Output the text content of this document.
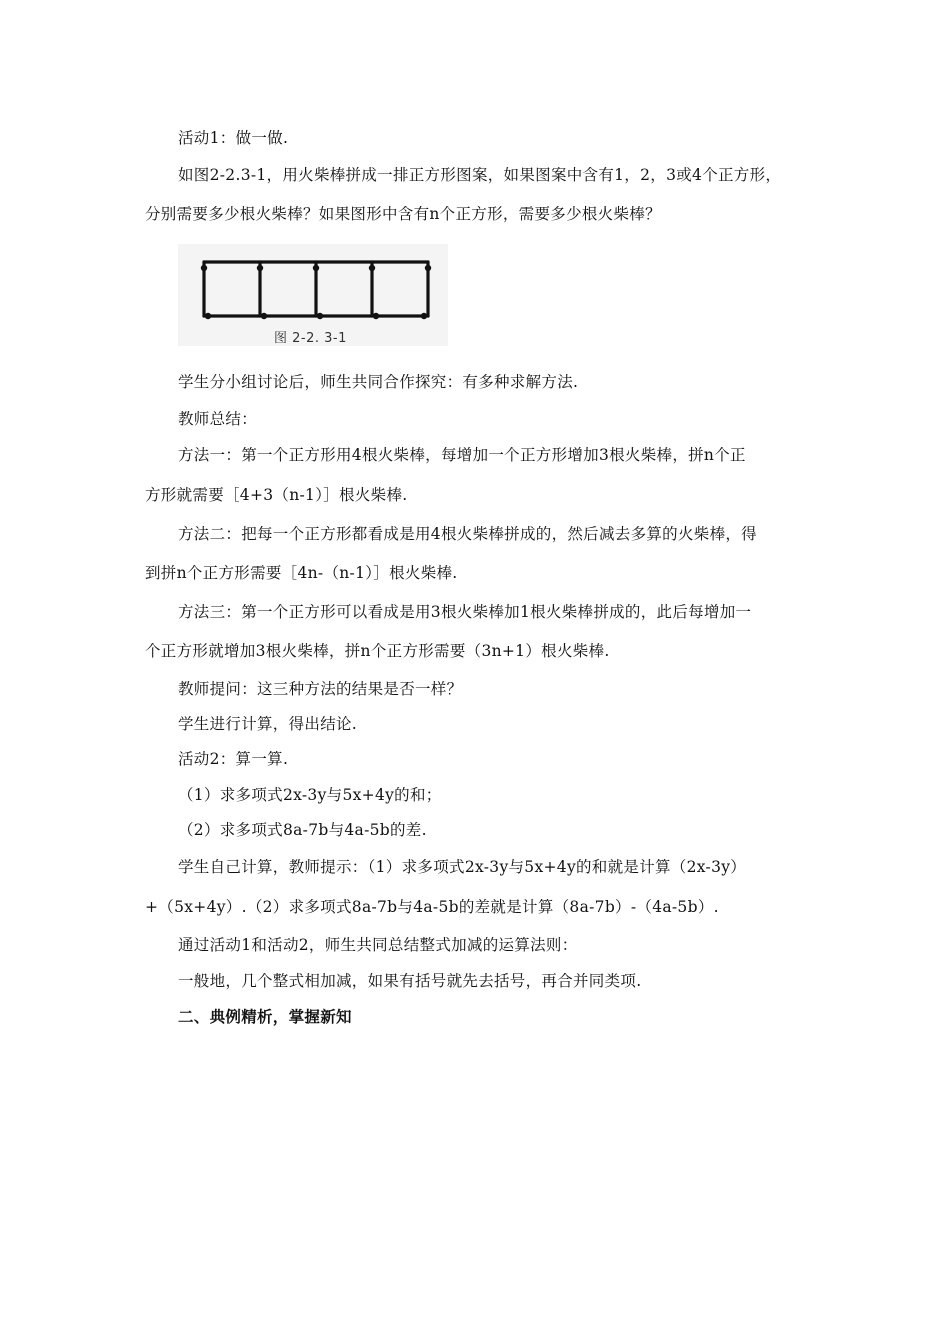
活动1：做一做.
如图2-2.3-1，用火柴棒拼成一排正方形图案，如果图案中含有1，2，3或4个正方形，
分别需要多少根火柴棒？如果图形中含有n个正方形，需要多少根火柴棒？
图 2-2. 3-1
学生分小组讨论后，师生共同合作探究：有多种求解方法.
教师总结：
方法一：第一个正方形用4根火柴棒，每增加一个正方形增加3根火柴棒，拼n个正
方形就需要［4+3（n-1）］根火柴棒.
方法二：把每一个正方形都看成是用4根火柴棒拼成的，然后减去多算的火柴棒，得
到拼n个正方形需要［4n-（n-1）］根火柴棒.
方法三：第一个正方形可以看成是用3根火柴棒加1根火柴棒拼成的，此后每增加一
个正方形就增加3根火柴棒，拼n个正方形需要（3n+1）根火柴棒.
教师提问：这三种方法的结果是否一样？
学生进行计算，得出结论.
活动2：算一算.
（1）求多项式2x-3y与5x+4y的和；
（2）求多项式8a-7b与4a-5b的差.
学生自己计算，教师提示：（1）求多项式2x-3y与5x+4y的和就是计算（2x-3y）
+（5x+4y）.（2）求多项式8a-7b与4a-5b的差就是计算（8a-7b）-（4a-5b）.
通过活动1和活动2，师生共同总结整式加减的运算法则：
一般地，几个整式相加减，如果有括号就先去括号，再合并同类项.
二、典例精析，掌握新知
